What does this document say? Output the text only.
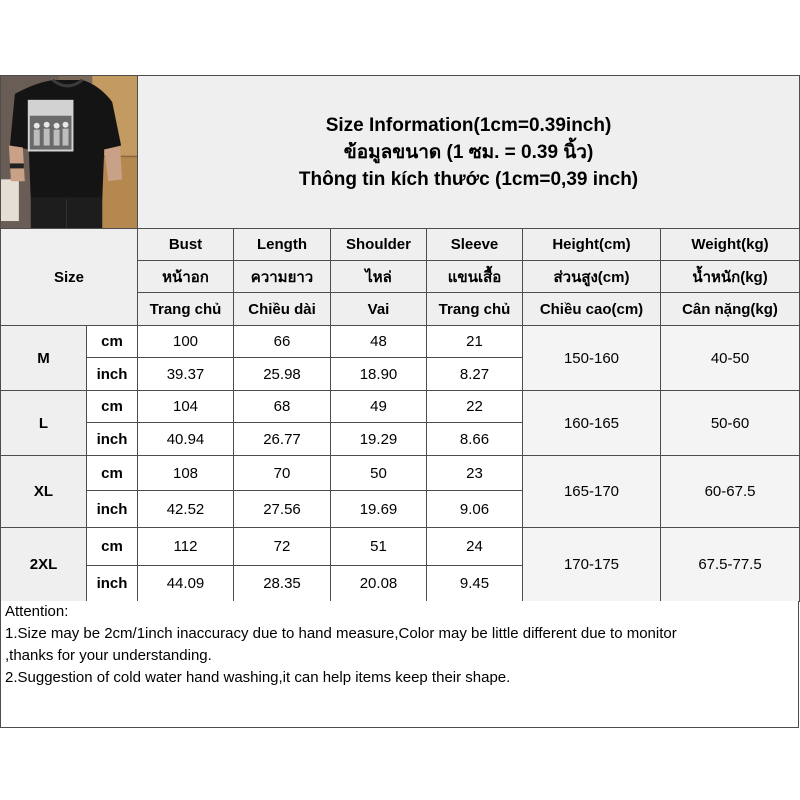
Size Information(1cm=0.39inch)
ข้อมูลขนาด (1 ซม. = 0.39 นิ้ว)
Thông tin kích thước (1cm=0,39 inch)					

Size		Bust	Length	Shoulder	Sleeve	Height(cm)	Weight(kg)
		หน้าอก	ความยาว	ไหล่	แขนเสื้อ	ส่วนสูง(cm)	น้ำหนัก(kg)
		Trang chủ	Chiều dài	Vai	Trang chủ	Chiều cao(cm)	Cân nặng(kg)
M	cm	100	66	48	21	150-160	40-50
	inch	39.37	25.98	18.90	8.27		
L	cm	104	68	49	22	160-165	50-60
	inch	40.94	26.77	19.29	8.66		
XL	cm	108	70	50	23	165-170	60-67.5
	inch	42.52	27.56	19.69	9.06		
2XL	cm	112	72	51	24	170-175	67.5-77.5
	inch	44.09	28.35	20.08	9.45		
Attention:
1.Size may be 2cm/1inch inaccuracy due to hand measure,Color may be little different due to monitor
,thanks for your understanding.
2.Suggestion of cold water hand washing,it can help items keep their shape.
